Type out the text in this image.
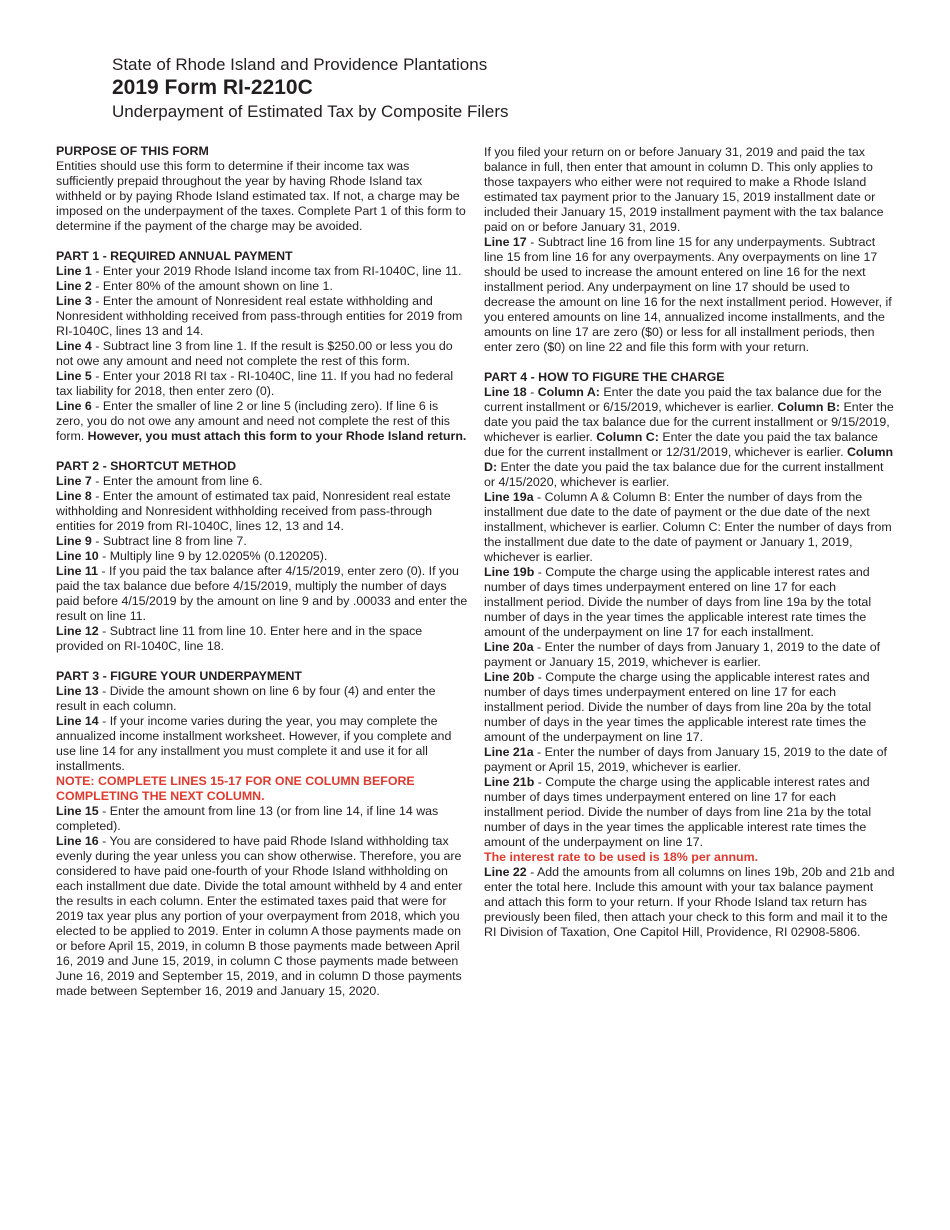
State of Rhode Island and Providence Plantations

2019 Form RI-2210C

Underpayment of Estimated Tax by Composite Filers

PURPOSE OF THIS FORM

Entities should use this form to determine if their income tax was sufficiently prepaid throughout the year by having Rhode Island tax withheld or by paying Rhode Island estimated tax. If not, a charge may be imposed on the underpayment of the taxes. Complete Part 1 of this form to determine if the payment of the charge may be avoided.

PART 1 - REQUIRED ANNUAL PAYMENT

Line 1 - Enter your 2019 Rhode Island income tax from RI-1040C, line 11.

Line 2 - Enter 80% of the amount shown on line 1.

Line 3 - Enter the amount of Nonresident real estate withholding and Nonresident withholding received from pass-through entities for 2019 from RI-1040C, lines 13 and 14.

Line 4 - Subtract line 3 from line 1. If the result is $250.00 or less you do not owe any amount and need not complete the rest of this form.

Line 5 - Enter your 2018 RI tax - RI-1040C, line 11. If you had no federal tax liability for 2018, then enter zero (0).

Line 6 - Enter the smaller of line 2 or line 5 (including zero). If line 6 is zero, you do not owe any amount and need not complete the rest of this form. However, you must attach this form to your Rhode Island return.

PART 2 - SHORTCUT METHOD

Line 7 - Enter the amount from line 6.

Line 8 - Enter the amount of estimated tax paid, Nonresident real estate withholding and Nonresident withholding received from pass-through entities for 2019 from RI-1040C, lines 12, 13 and 14.

Line 9 - Subtract line 8 from line 7.

Line 10 - Multiply line 9 by 12.0205% (0.120205).

Line 11 - If you paid the tax balance after 4/15/2019, enter zero (0). If you paid the tax balance due before 4/15/2019, multiply the number of days paid before 4/15/2019 by the amount on line 9 and by .00033 and enter the result on line 11.

Line 12 - Subtract line 11 from line 10. Enter here and in the space provided on RI-1040C, line 18.

PART 3 - FIGURE YOUR UNDERPAYMENT

Line 13 - Divide the amount shown on line 6 by four (4) and enter the result in each column.

Line 14 - If your income varies during the year, you may complete the annualized income installment worksheet. However, if you complete and use line 14 for any installment you must complete it and use it for all installments.

NOTE: COMPLETE LINES 15-17 FOR ONE COLUMN BEFORE COMPLETING THE NEXT COLUMN.

Line 15 - Enter the amount from line 13 (or from line 14, if line 14 was completed).

Line 16 - You are considered to have paid Rhode Island withholding tax evenly during the year unless you can show otherwise. Therefore, you are considered to have paid one-fourth of your Rhode Island withholding on each installment due date. Divide the total amount withheld by 4 and enter the results in each column. Enter the estimated taxes paid that were for 2019 tax year plus any portion of your overpayment from 2018, which you elected to be applied to 2019. Enter in column A those payments made on or before April 15, 2019, in column B those payments made between April 16, 2019 and June 15, 2019, in column C those payments made between June 16, 2019 and September 15, 2019, and in column D those payments made between September 16, 2019 and January 15, 2020.

If you filed your return on or before January 31, 2019 and paid the tax balance in full, then enter that amount in column D. This only applies to those taxpayers who either were not required to make a Rhode Island estimated tax payment prior to the January 15, 2019 installment date or included their January 15, 2019 installment payment with the tax balance paid on or before January 31, 2019.

Line 17 - Subtract line 16 from line 15 for any underpayments. Subtract line 15 from line 16 for any overpayments. Any overpayments on line 17 should be used to increase the amount entered on line 16 for the next installment period. Any underpayment on line 17 should be used to decrease the amount on line 16 for the next installment period. However, if you entered amounts on line 14, annualized income installments, and the amounts on line 17 are zero ($0) or less for all installment periods, then enter zero ($0) on line 22 and file this form with your return.

PART 4 - HOW TO FIGURE THE CHARGE

Line 18 - Column A: Enter the date you paid the tax balance due for the current installment or 6/15/2019, whichever is earlier. Column B: Enter the date you paid the tax balance due for the current installment or 9/15/2019, whichever is earlier. Column C: Enter the date you paid the tax balance due for the current installment or 12/31/2019, whichever is earlier. Column D: Enter the date you paid the tax balance due for the current installment or 4/15/2020, whichever is earlier.

Line 19a - Column A & Column B: Enter the number of days from the installment due date to the date of payment or the due date of the next installment, whichever is earlier. Column C: Enter the number of days from the installment due date to the date of payment or January 1, 2019, whichever is earlier.

Line 19b - Compute the charge using the applicable interest rates and number of days times underpayment entered on line 17 for each installment period. Divide the number of days from line 19a by the total number of days in the year times the applicable interest rate times the amount of the underpayment on line 17 for each installment.

Line 20a - Enter the number of days from January 1, 2019 to the date of payment or January 15, 2019, whichever is earlier.

Line 20b - Compute the charge using the applicable interest rates and number of days times underpayment entered on line 17 for each installment period. Divide the number of days from line 20a by the total number of days in the year times the applicable interest rate times the amount of the underpayment on line 17.

Line 21a - Enter the number of days from January 15, 2019 to the date of payment or April 15, 2019, whichever is earlier.

Line 21b - Compute the charge using the applicable interest rates and number of days times underpayment entered on line 17 for each installment period. Divide the number of days from line 21a by the total number of days in the year times the applicable interest rate times the amount of the underpayment on line 17.

The interest rate to be used is 18% per annum.

Line 22 - Add the amounts from all columns on lines 19b, 20b and 21b and enter the total here. Include this amount with your tax balance payment and attach this form to your return. If your Rhode Island tax return has previously been filed, then attach your check to this form and mail it to the RI Division of Taxation, One Capitol Hill, Providence, RI 02908-5806.
